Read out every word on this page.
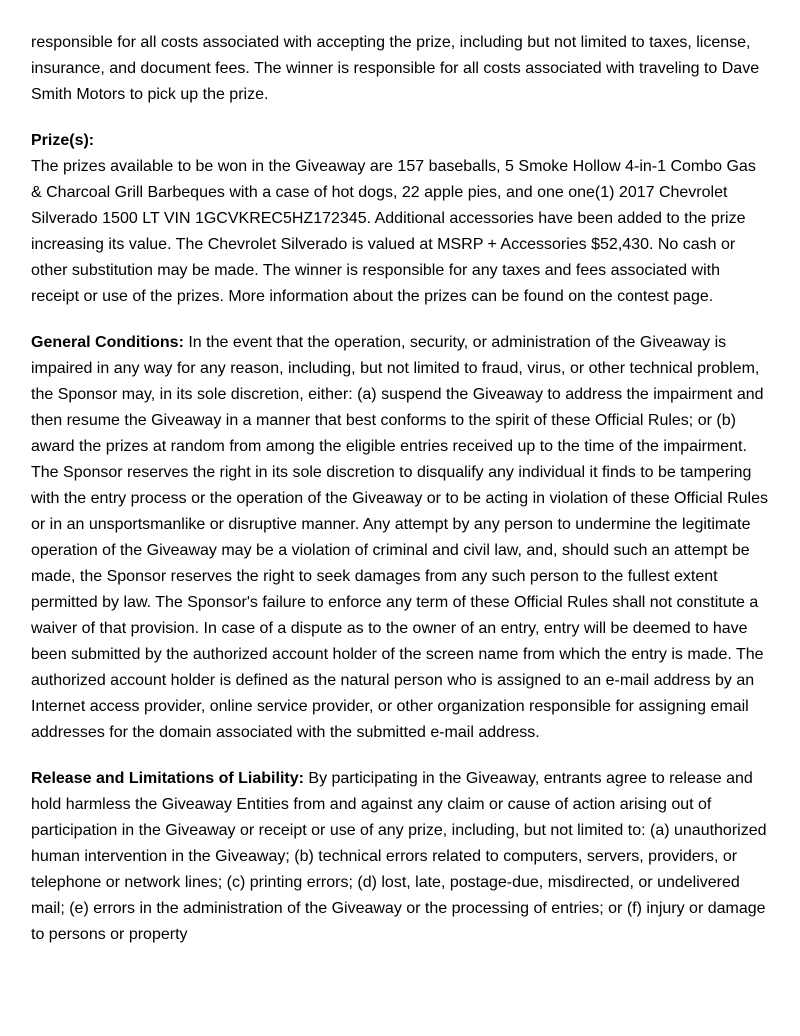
responsible for all costs associated with accepting the prize, including but not limited to taxes, license, insurance, and document fees. The winner is responsible for all costs associated with traveling to Dave Smith Motors to pick up the prize.

Prize(s):
The prizes available to be won in the Giveaway are 157 baseballs, 5 Smoke Hollow 4-in-1 Combo Gas & Charcoal Grill Barbeques with a case of hot dogs, 22 apple pies, and one one(1) 2017 Chevrolet Silverado 1500 LT VIN 1GCVKREC5HZ172345. Additional accessories have been added to the prize increasing its value. The Chevrolet Silverado is valued at MSRP + Accessories $52,430. No cash or other substitution may be made. The winner is responsible for any taxes and fees associated with receipt or use of the prizes. More information about the prizes can be found on the contest page.

General Conditions: In the event that the operation, security, or administration of the Giveaway is impaired in any way for any reason, including, but not limited to fraud, virus, or other technical problem, the Sponsor may, in its sole discretion, either: (a) suspend the Giveaway to address the impairment and then resume the Giveaway in a manner that best conforms to the spirit of these Official Rules; or (b) award the prizes at random from among the eligible entries received up to the time of the impairment. The Sponsor reserves the right in its sole discretion to disqualify any individual it finds to be tampering with the entry process or the operation of the Giveaway or to be acting in violation of these Official Rules or in an unsportsmanlike or disruptive manner. Any attempt by any person to undermine the legitimate operation of the Giveaway may be a violation of criminal and civil law, and, should such an attempt be made, the Sponsor reserves the right to seek damages from any such person to the fullest extent permitted by law. The Sponsor's failure to enforce any term of these Official Rules shall not constitute a waiver of that provision. In case of a dispute as to the owner of an entry, entry will be deemed to have been submitted by the authorized account holder of the screen name from which the entry is made. The authorized account holder is defined as the natural person who is assigned to an e-mail address by an Internet access provider, online service provider, or other organization responsible for assigning email addresses for the domain associated with the submitted e-mail address.

Release and Limitations of Liability: By participating in the Giveaway, entrants agree to release and hold harmless the Giveaway Entities from and against any claim or cause of action arising out of participation in the Giveaway or receipt or use of any prize, including, but not limited to: (a) unauthorized human intervention in the Giveaway; (b) technical errors related to computers, servers, providers, or telephone or network lines; (c) printing errors; (d) lost, late, postage-due, misdirected, or undelivered mail; (e) errors in the administration of the Giveaway or the processing of entries; or (f) injury or damage to persons or property
